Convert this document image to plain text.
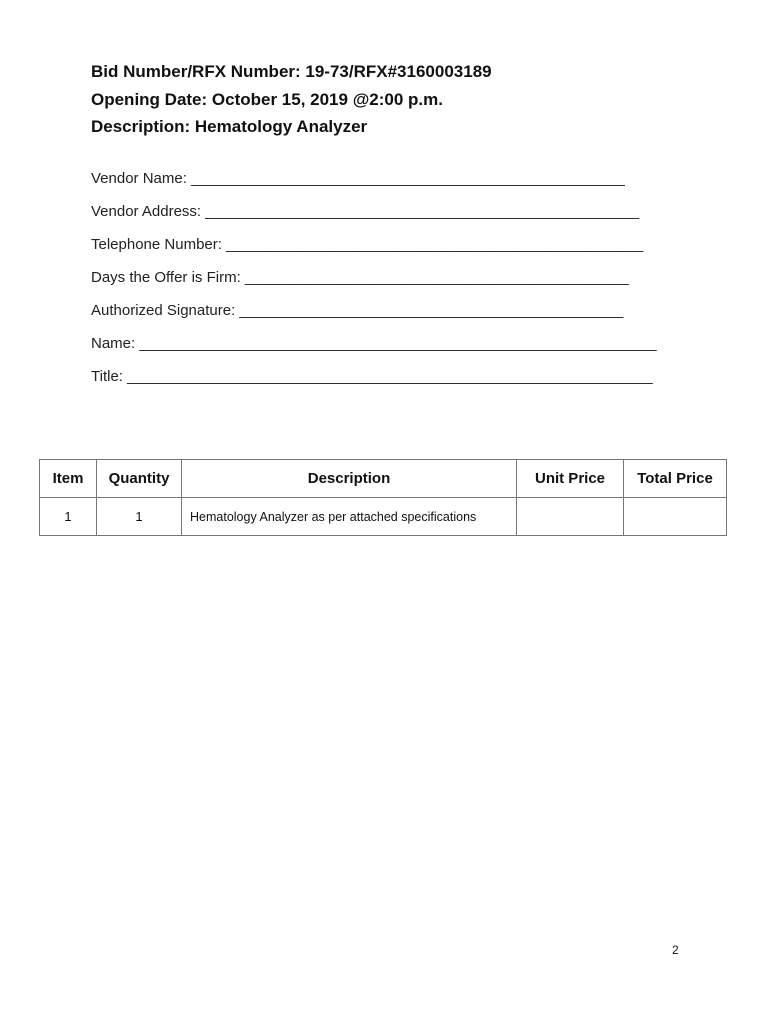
Bid Number/RFX Number: 19-73/RFX#3160003189
Opening Date: October 15, 2019 @2:00 p.m.
Description: Hematology Analyzer
Vendor Name: ____________________________________________________
Vendor Address: ____________________________________________________
Telephone Number: __________________________________________________
Days the Offer is Firm: ______________________________________________
Authorized Signature: ______________________________________________
Name: ______________________________________________________________
Title: _______________________________________________________________
Item	Quantity	Description	Unit Price	Total Price
1	1	Hematology Analyzer as per attached specifications		
2
